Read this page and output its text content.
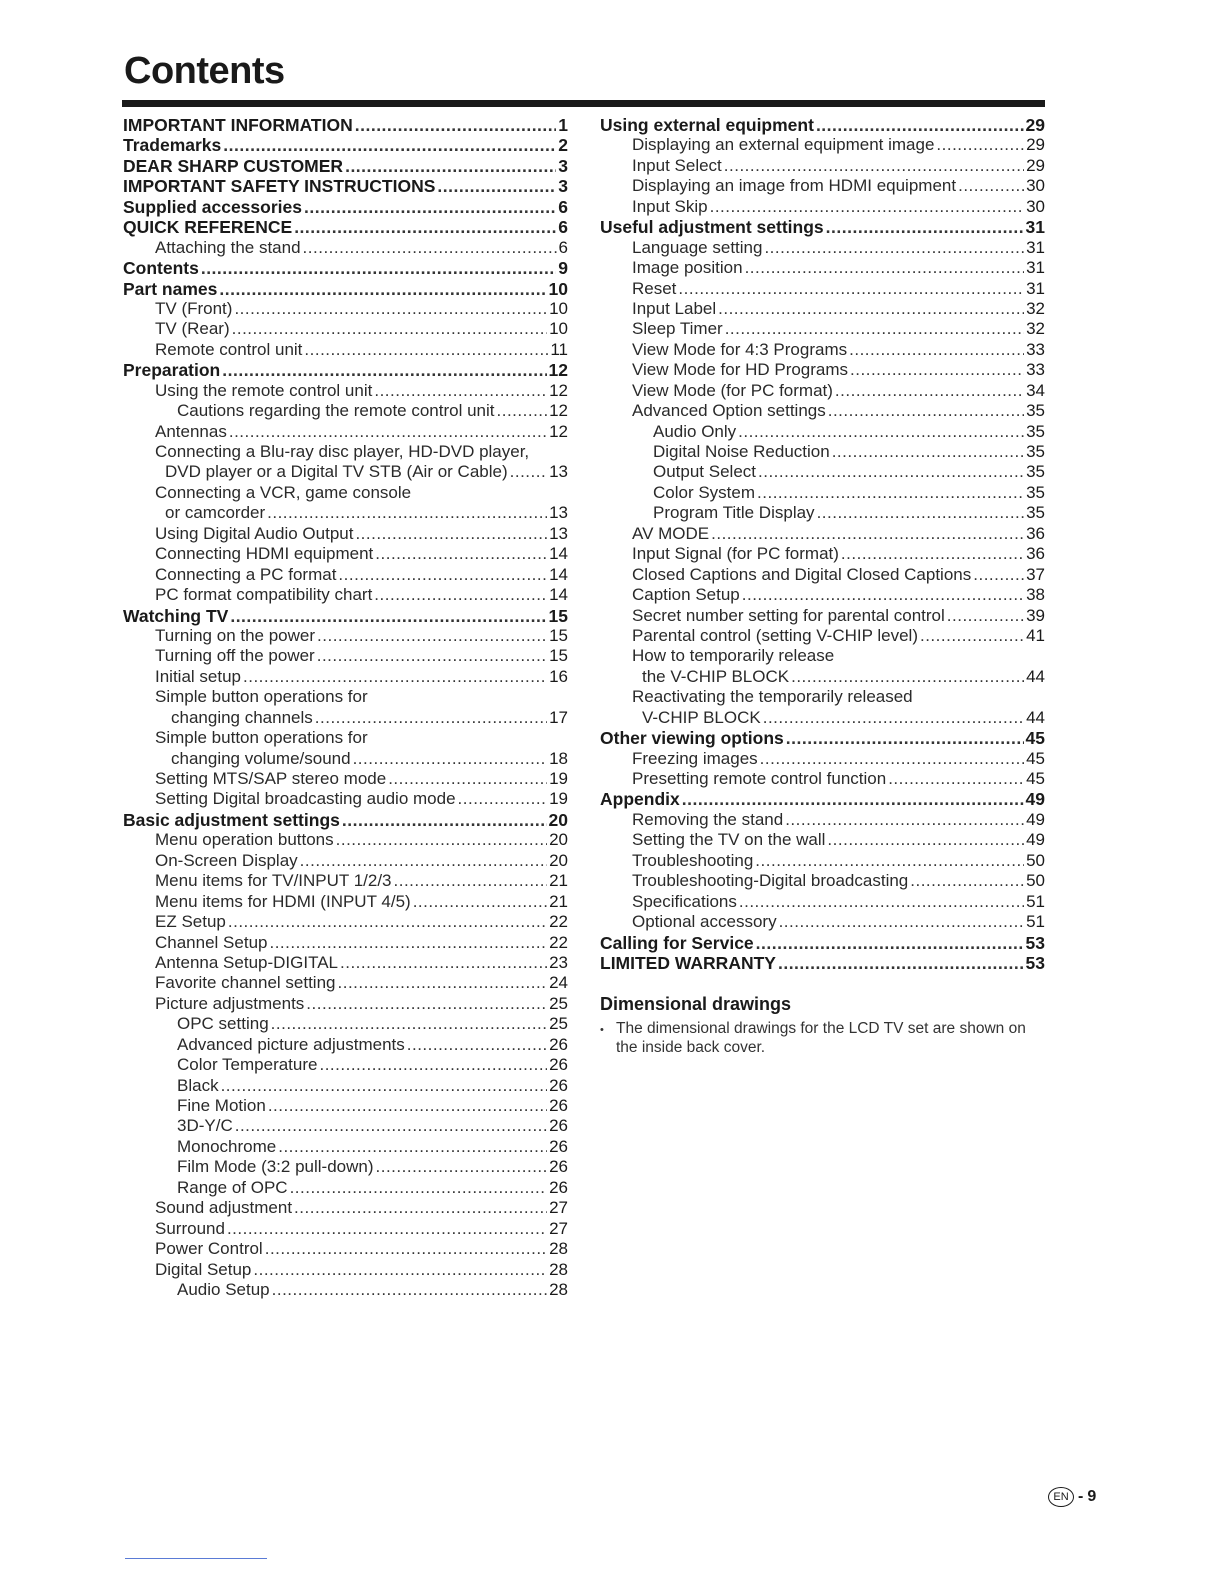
Contents
IMPORTANT INFORMATION .....	1
Trademarks .....	2
DEAR SHARP CUSTOMER .....	3
IMPORTANT SAFETY INSTRUCTIONS .....	3
Supplied accessories .....	6
QUICK REFERENCE .....	6
Attaching the stand .....	6
Contents .....	9
Part names .....	10
TV (Front) .....	10
TV (Rear) .....	10
Remote control unit .....	11
Preparation .....	12
Using the remote control unit .....	12
Cautions regarding the remote control unit .....	12
Antennas .....	12
Connecting a Blu-ray disc player, HD-DVD player,
DVD player or a Digital TV STB (Air or Cable) ..... 13
Connecting a VCR, game console
or camcorder .....	13
Using Digital Audio Output .....	13
Connecting HDMI equipment .....	14
Connecting a PC format .....	14
PC format compatibility chart .....	14
Watching TV .....	15
Turning on the power .....	15
Turning off the power .....	15
Initial setup .....	16
Simple button operations for
changing channels .....	17
Simple button operations for
changing volume/sound .....	18
Setting MTS/SAP stereo mode .....	19
Setting Digital broadcasting audio mode .....	19
Basic adjustment settings .....	20
Menu operation buttons .....	20
On-Screen Display .....	20
Menu items for TV/INPUT 1/2/3 .....	21
Menu items for HDMI (INPUT 4/5) .....	21
EZ Setup .....	22
Channel Setup .....	22
Antenna Setup-DIGITAL .....	23
Favorite channel setting .....	24
Picture adjustments .....	25
OPC setting .....	25
Advanced picture adjustments .....	26
Color Temperature .....	26
Black .....	26
Fine Motion .....	26
3D-Y/C .....	26
Monochrome .....	26
Film Mode (3:2 pull-down) .....	26
Range of OPC .....	26
Sound adjustment .....	27
Surround .....	27
Power Control .....	28
Digital Setup .....	28
Audio Setup .....	28
Using external equipment .....	29
Displaying an external equipment image .....	29
Input Select .....	29
Displaying an image from HDMI equipment .....	30
Input Skip .....	30
Useful adjustment settings .....	31
Language setting .....	31
Image position .....	31
Reset .....	31
Input Label .....	32
Sleep Timer .....	32
View Mode for 4:3 Programs .....	33
View Mode for HD Programs .....	33
View Mode (for PC format) .....	34
Advanced Option settings .....	35
Audio Only .....	35
Digital Noise Reduction .....	35
Output Select .....	35
Color System .....	35
Program Title Display .....	35
AV MODE .....	36
Input Signal (for PC format) .....	36
Closed Captions and Digital Closed Captions .....	37
Caption Setup .....	38
Secret number setting for parental control .....	39
Parental control (setting V-CHIP level) .....	41
How to temporarily release
the V-CHIP BLOCK .....	44
Reactivating the temporarily released
V-CHIP BLOCK .....	44
Other viewing options .....	45
Freezing images .....	45
Presetting remote control function .....	45
Appendix .....	49
Removing the stand .....	49
Setting the TV on the wall .....	49
Troubleshooting .....	50
Troubleshooting-Digital broadcasting .....	50
Specifications .....	51
Optional accessory .....	51
Calling for Service .....	53
LIMITED WARRANTY .....	53
Dimensional drawings
• The dimensional drawings for the LCD TV set are shown on
the inside back cover.
EN - 9
